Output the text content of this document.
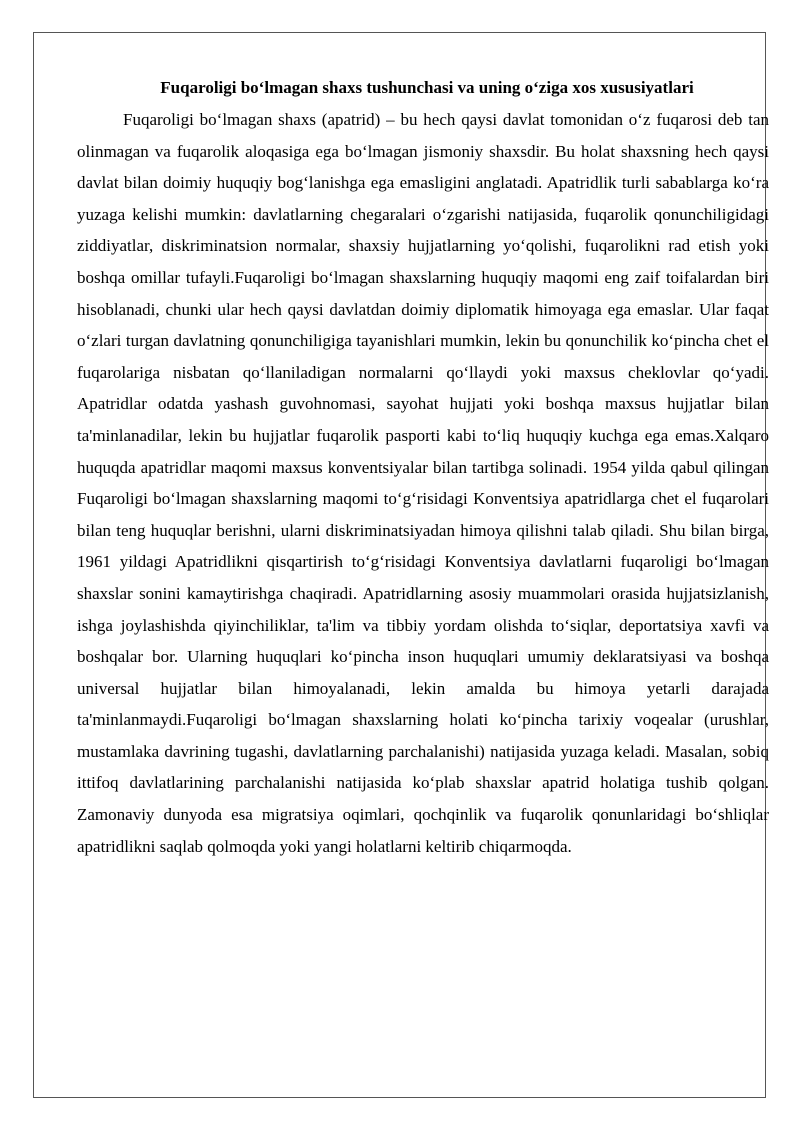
Fuqaroligi bo‘lmagan shaxs tushunchasi va uning o‘ziga xos xususiyatlari

Fuqaroligi bo‘lmagan shaxs (apatrid) – bu hech qaysi davlat tomonidan o‘z fuqarosi deb tan olinmagan va fuqarolik aloqasiga ega bo‘lmagan jismoniy shaxsdir. Bu holat shaxsning hech qaysi davlat bilan doimiy huquqiy bog‘lanishga ega emasligini anglatadi. Apatridlik turli sabablarga ko‘ra yuzaga kelishi mumkin: davlatlarning chegaralari o‘zgarishi natijasida, fuqarolik qonunchiligidagi ziddiyatlar, diskriminatsion normalar, shaxsiy hujjatlarning yo‘qolishi, fuqarolikni rad etish yoki boshqa omillar tufayli.Fuqaroligi bo‘lmagan shaxslarning huquqiy maqomi eng zaif toifalardan biri hisoblanadi, chunki ular hech qaysi davlatdan doimiy diplomatik himoyaga ega emaslar. Ular faqat o‘zlari turgan davlatning qonunchiligiga tayanishlari mumkin, lekin bu qonunchilik ko‘pincha chet el fuqarolariga nisbatan qo‘llaniladigan normalarni qo‘llaydi yoki maxsus cheklovlar qo‘yadi. Apatridlar odatda yashash guvohnomasi, sayohat hujjati yoki boshqa maxsus hujjatlar bilan ta'minlanadilar, lekin bu hujjatlar fuqarolik pasporti kabi to‘liq huquqiy kuchga ega emas.Xalqaro huquqda apatridlar maqomi maxsus konventsiyalar bilan tartibga solinadi. 1954 yilda qabul qilingan Fuqaroligi bo‘lmagan shaxslarning maqomi to‘g‘risidagi Konventsiya apatridlarga chet el fuqarolari bilan teng huquqlar berishni, ularni diskriminatsiyadan himoya qilishni talab qiladi. Shu bilan birga, 1961 yildagi Apatridlikni qisqartirish to‘g‘risidagi Konventsiya davlatlarni fuqaroligi bo‘lmagan shaxslar sonini kamaytirishga chaqiradi. Apatridlarning asosiy muammolari orasida hujjatsizlanish, ishga joylashishda qiyinchiliklar, ta'lim va tibbiy yordam olishda to‘siqlar, deportatsiya xavfi va boshqalar bor. Ularning huquqlari ko‘pincha inson huquqlari umumiy deklaratsiyasi va boshqa universal hujjatlar bilan himoyalanadi, lekin amalda bu himoya yetarli darajada ta'minlanmaydi.Fuqaroligi bo‘lmagan shaxslarning holati ko‘pincha tarixiy voqealar (urushlar, mustamlaka davrining tugashi, davlatlarning parchalanishi) natijasida yuzaga keladi. Masalan, sobiq ittifoq davlatlarining parchalanishi natijasida ko‘plab shaxslar apatrid holatiga tushib qolgan. Zamonaviy dunyoda esa migratsiya oqimlari, qochqinlik va fuqarolik qonunlaridagi bo‘shliqlar apatridlikni saqlab qolmoqda yoki yangi holatlarni keltirib chiqarmoqda.
